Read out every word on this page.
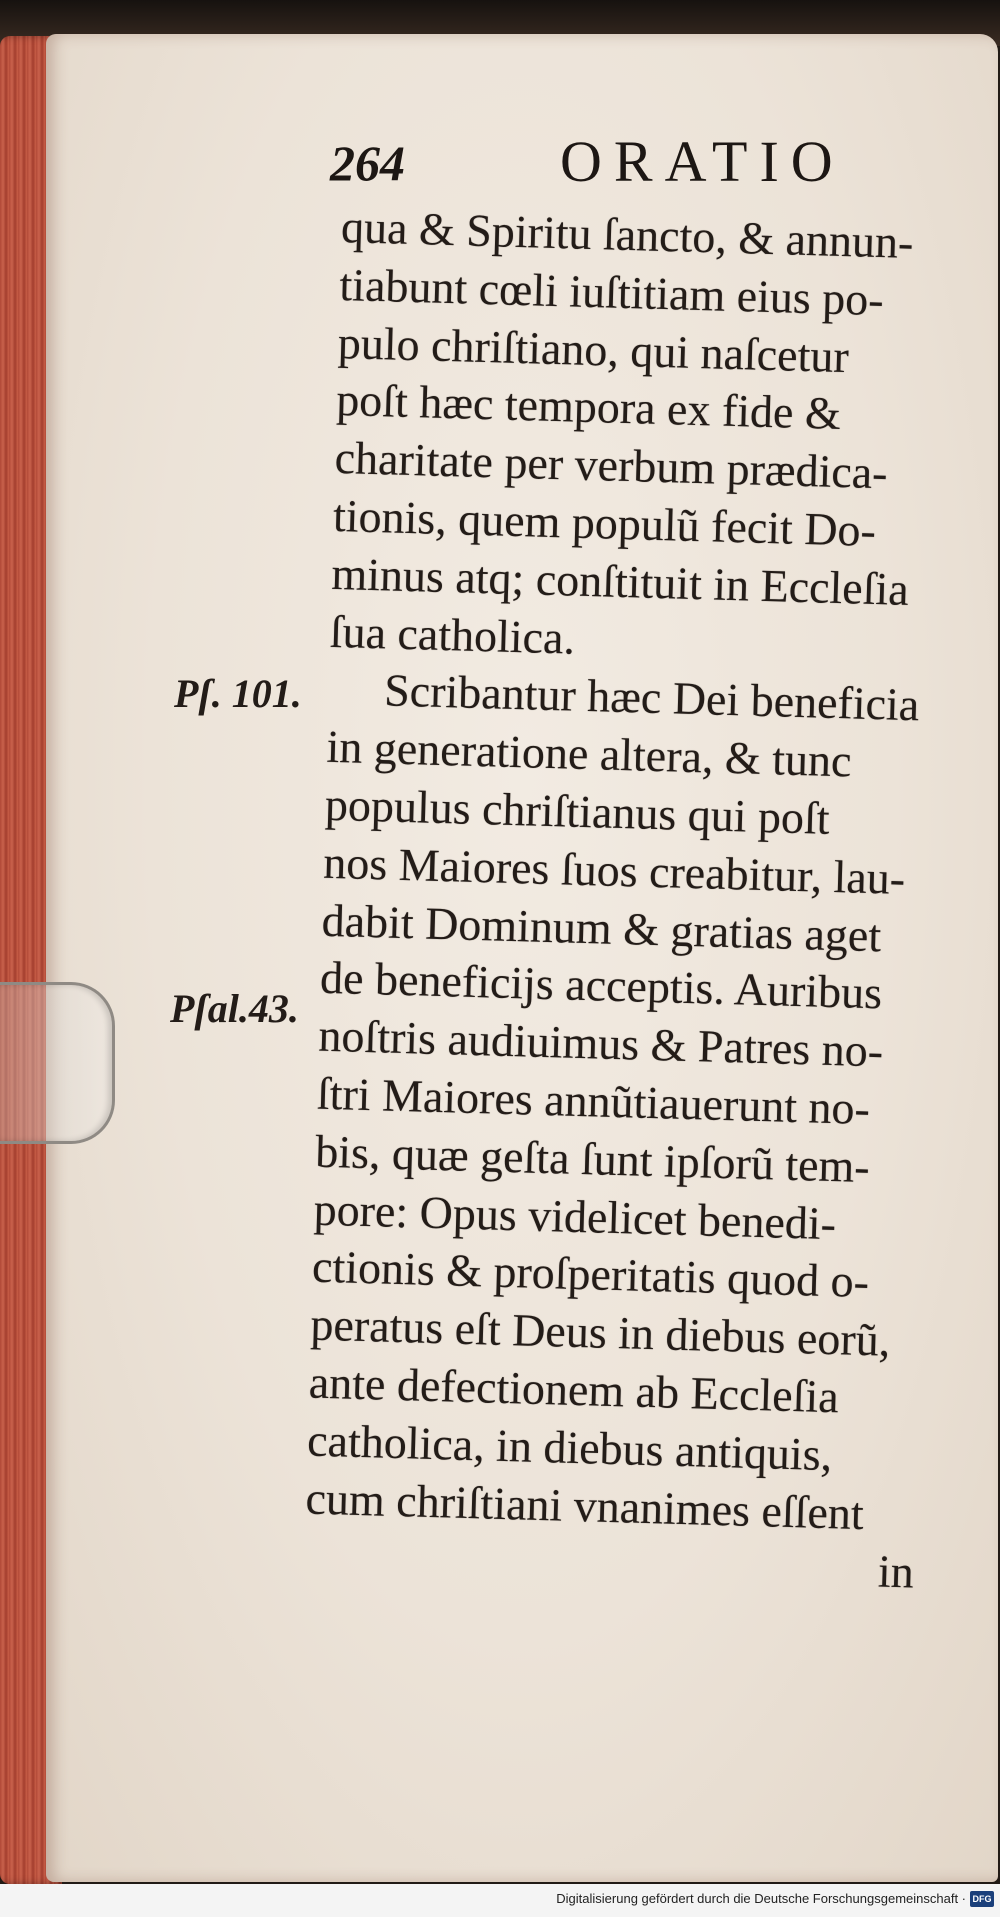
264	ORATIO
Pſ. 101.
Pſal.43.
qua & Spiritu ſancto, & annun-
tiabunt cœli iuſtitiam eius po-
pulo chriſtiano, qui naſcetur
poſt hæc tempora ex fide &
charitate per verbum prædica-
tionis, quem populũ fecit Do-
minus atq; conſtituit in Eccleſia
ſua catholica.
Scribantur hæc Dei beneficia
in generatione altera, & tunc
populus chriſtianus qui poſt
nos Maiores ſuos creabitur, lau-
dabit Dominum & gratias aget
de beneficijs acceptis. Auribus
noſtris audiuimus & Patres no-
ſtri Maiores annũtiauerunt no-
bis, quæ geſta ſunt ipſorũ tem-
pore: Opus videlicet benedi-
ctionis & proſperitatis quod o-
peratus eſt Deus in diebus eorũ,
ante defectionem ab Eccleſia
catholica, in diebus antiquis,
cum chriſtiani vnanimes eſſent
in
Digitalisierung gefördert durch die Deutsche Forschungsgemeinschaft · DFG
